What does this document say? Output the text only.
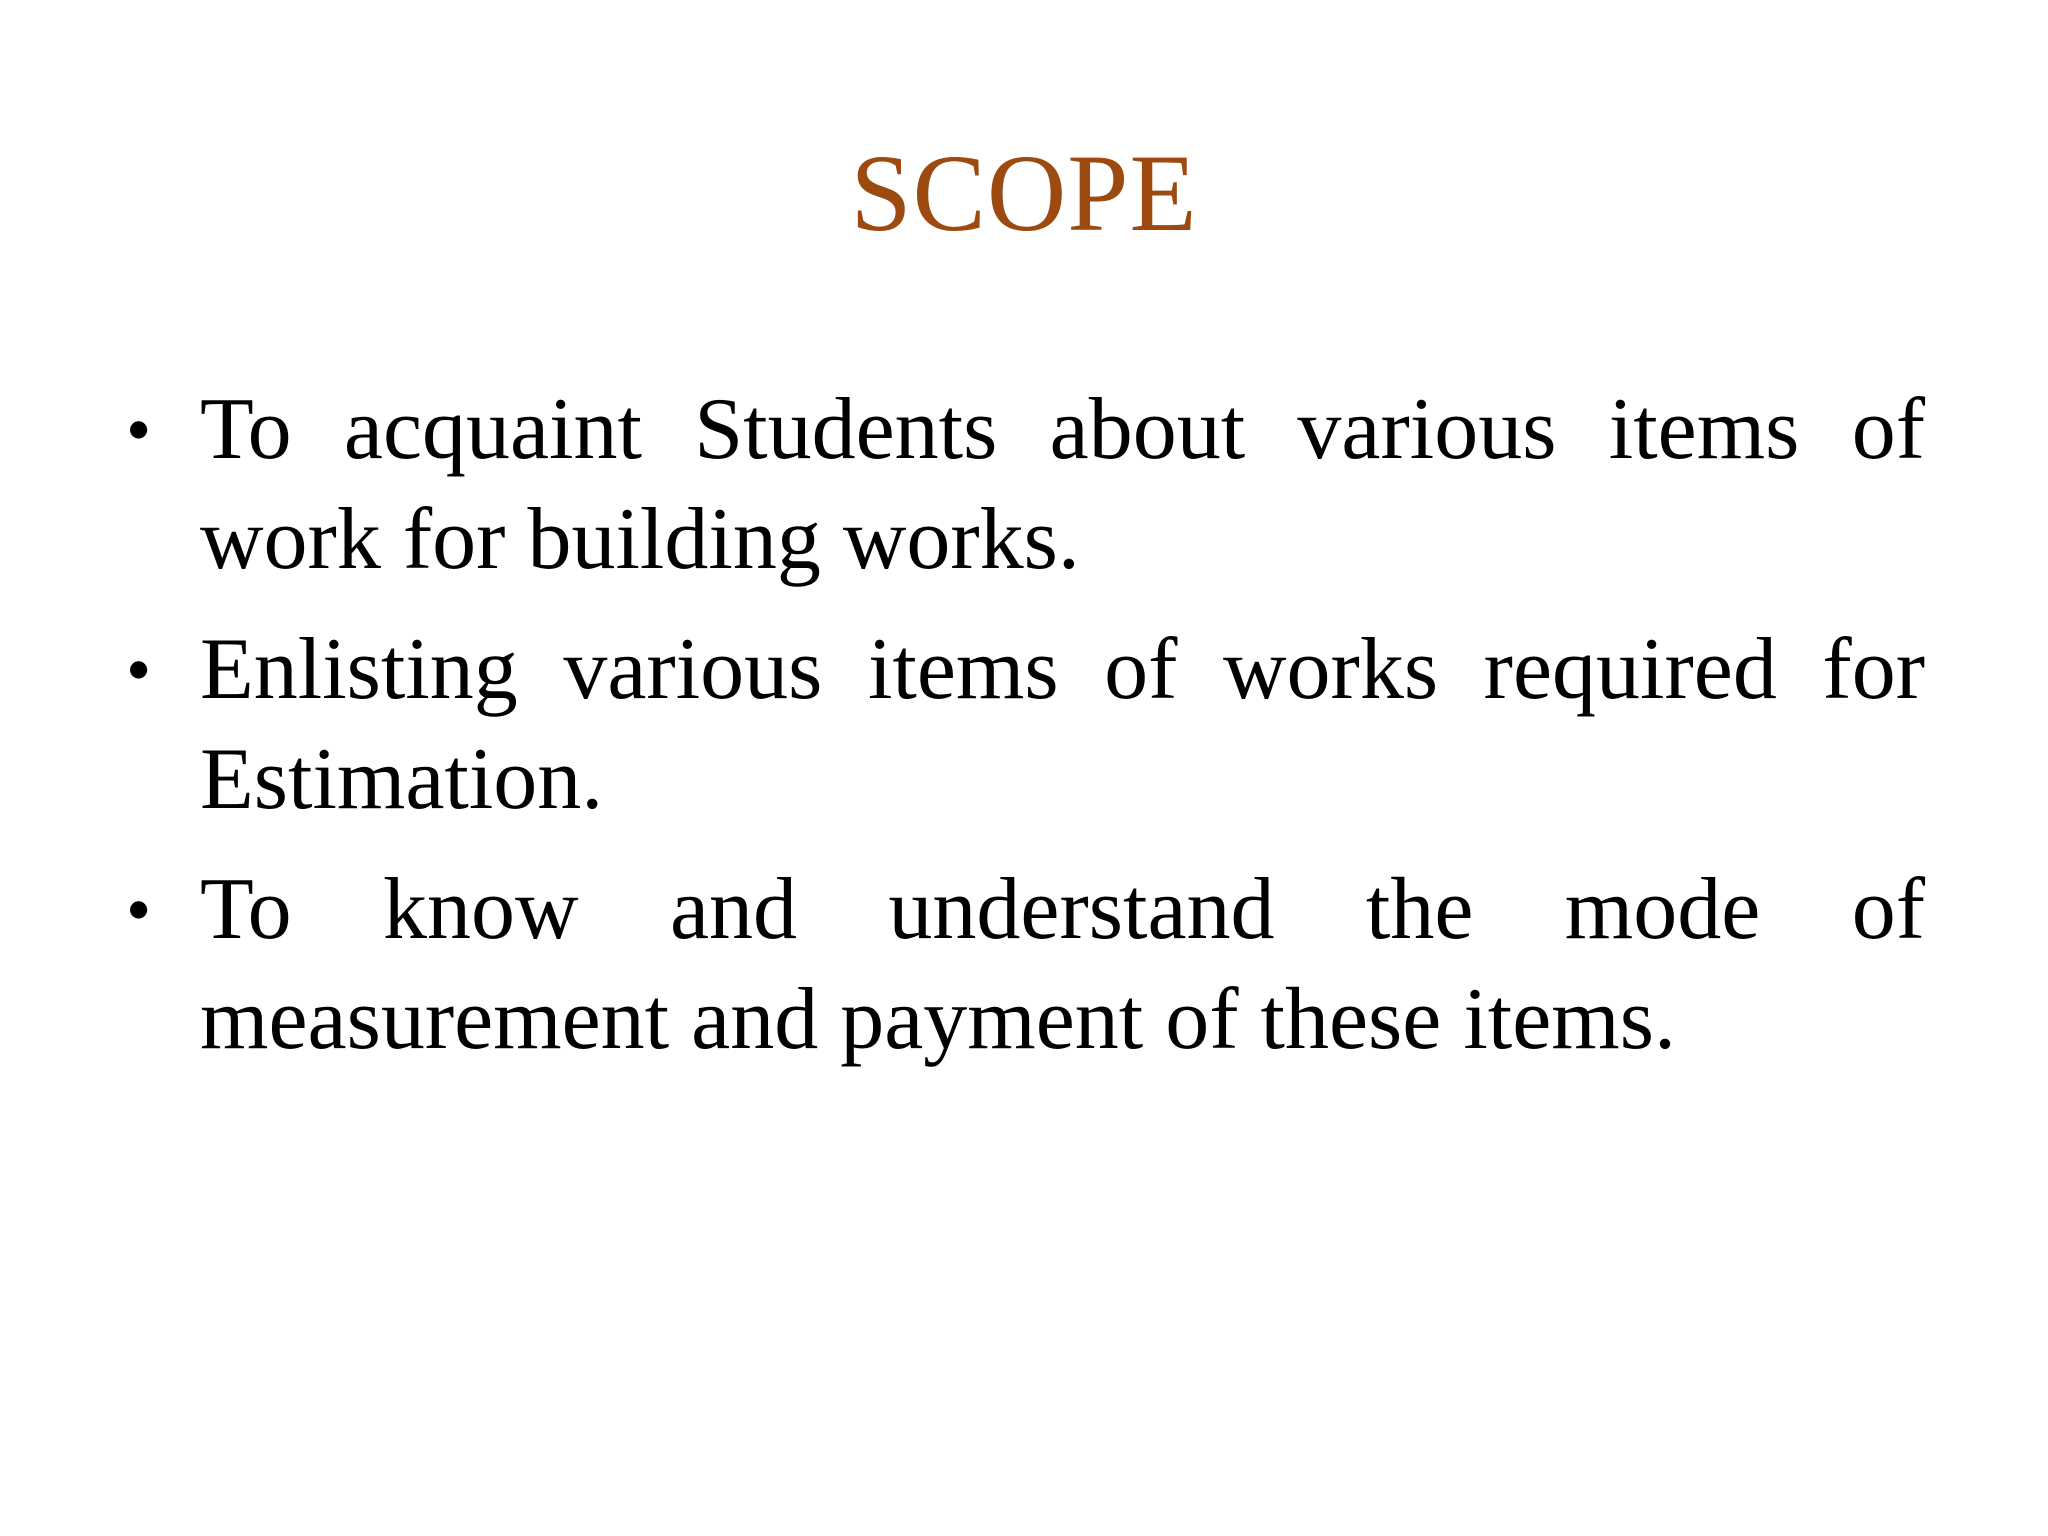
SCOPE
• To acquaint Students about various items of work for building works.
• Enlisting various items of works required for Estimation.
• To know and understand the mode of measurement and payment of these items.
